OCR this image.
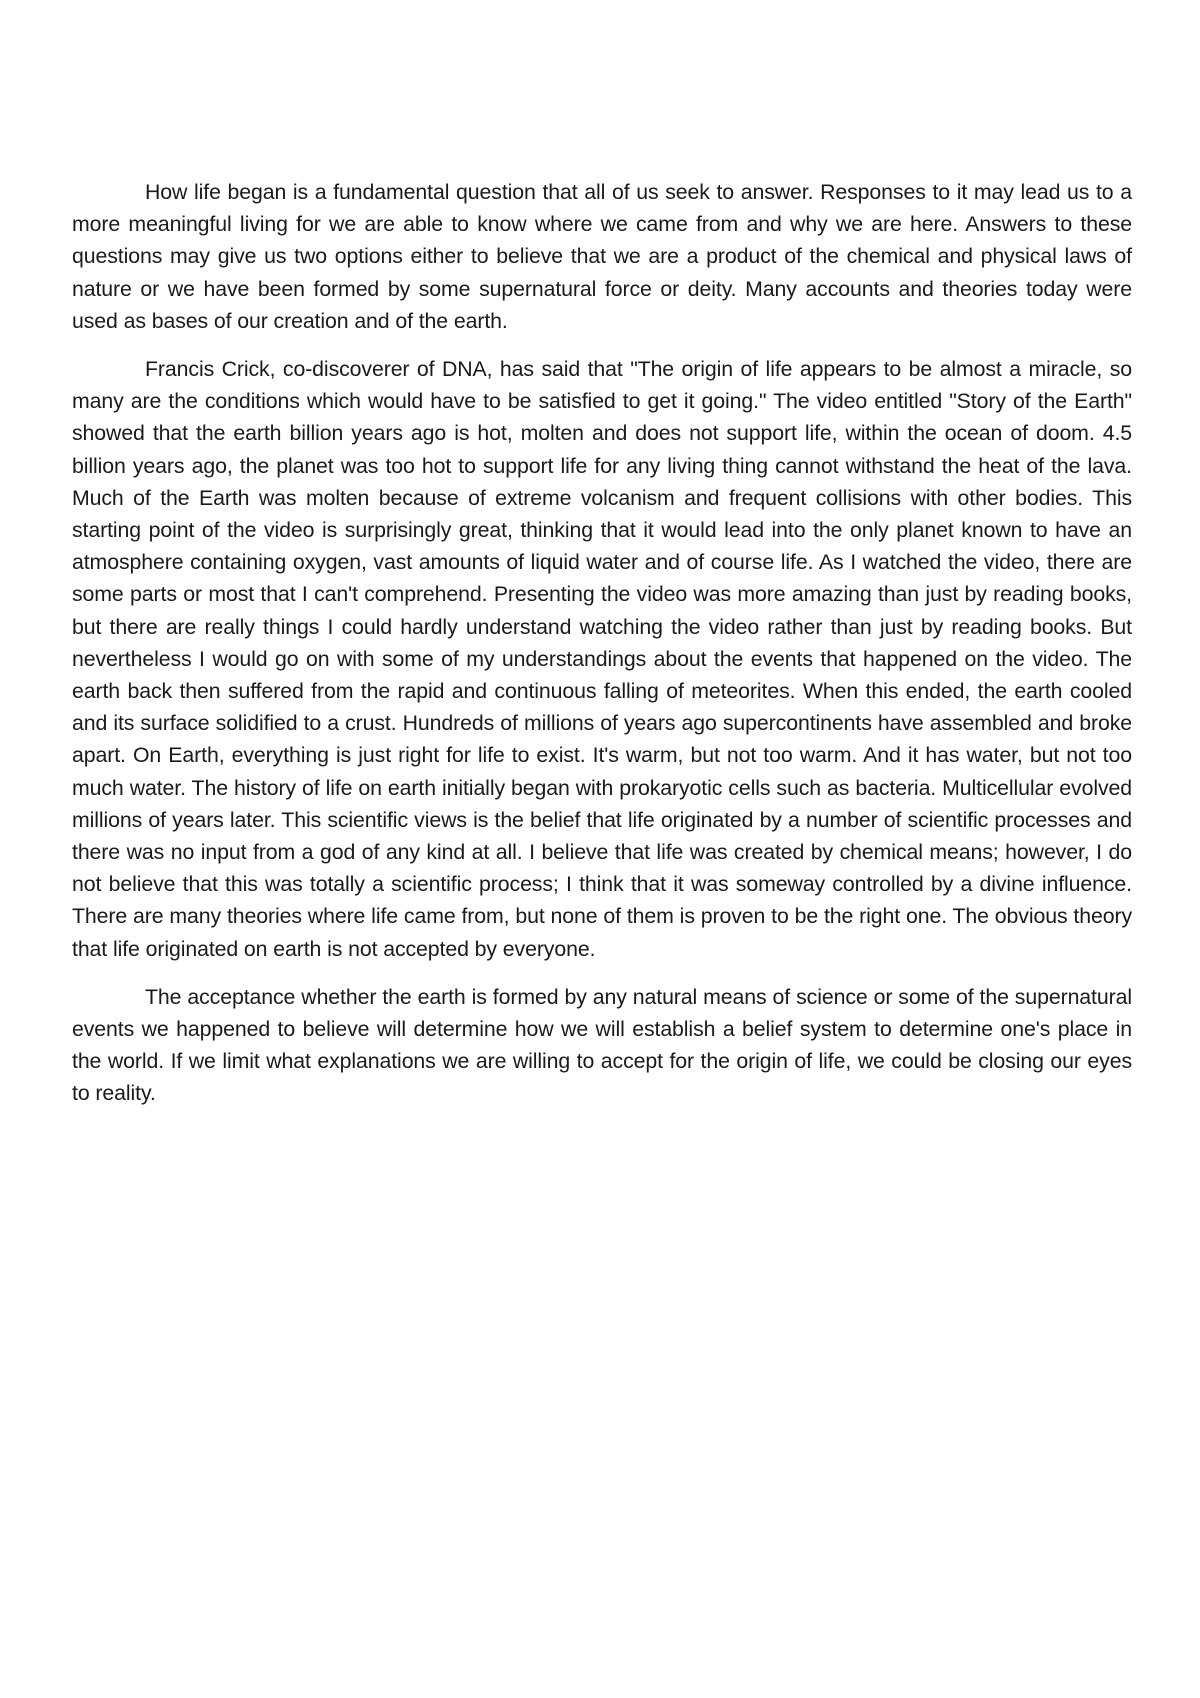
How life began is a fundamental question that all of us seek to answer. Responses to it may lead us to a more meaningful living for we are able to know where we came from and why we are here. Answers to these questions may give us two options either to believe that we are a product of the chemical and physical laws of nature or we have been formed by some supernatural force or deity. Many accounts and theories today were used as bases of our creation and of the earth.

Francis Crick, co-discoverer of DNA, has said that "The origin of life appears to be almost a miracle, so many are the conditions which would have to be satisfied to get it going." The video entitled "Story of the Earth" showed that the earth billion years ago is hot, molten and does not support life, within the ocean of doom. 4.5 billion years ago, the planet was too hot to support life for any living thing cannot withstand the heat of the lava. Much of the Earth was molten because of extreme volcanism and frequent collisions with other bodies. This starting point of the video is surprisingly great, thinking that it would lead into the only planet known to have an atmosphere containing oxygen, vast amounts of liquid water and of course life. As I watched the video, there are some parts or most that I can't comprehend. Presenting the video was more amazing than just by reading books, but there are really things I could hardly understand watching the video rather than just by reading books. But nevertheless I would go on with some of my understandings about the events that happened on the video. The earth back then suffered from the rapid and continuous falling of meteorites. When this ended, the earth cooled and its surface solidified to a crust. Hundreds of millions of years ago supercontinents have assembled and broke apart. On Earth, everything is just right for life to exist. It's warm, but not too warm. And it has water, but not too much water. The history of life on earth initially began with prokaryotic cells such as bacteria. Multicellular evolved millions of years later. This scientific views is the belief that life originated by a number of scientific processes and there was no input from a god of any kind at all. I believe that life was created by chemical means; however, I do not believe that this was totally a scientific process; I think that it was someway controlled by a divine influence. There are many theories where life came from, but none of them is proven to be the right one. The obvious theory that life originated on earth is not accepted by everyone.

The acceptance whether the earth is formed by any natural means of science or some of the supernatural events we happened to believe will determine how we will establish a belief system to determine one's place in the world. If we limit what explanations we are willing to accept for the origin of life, we could be closing our eyes to reality.
